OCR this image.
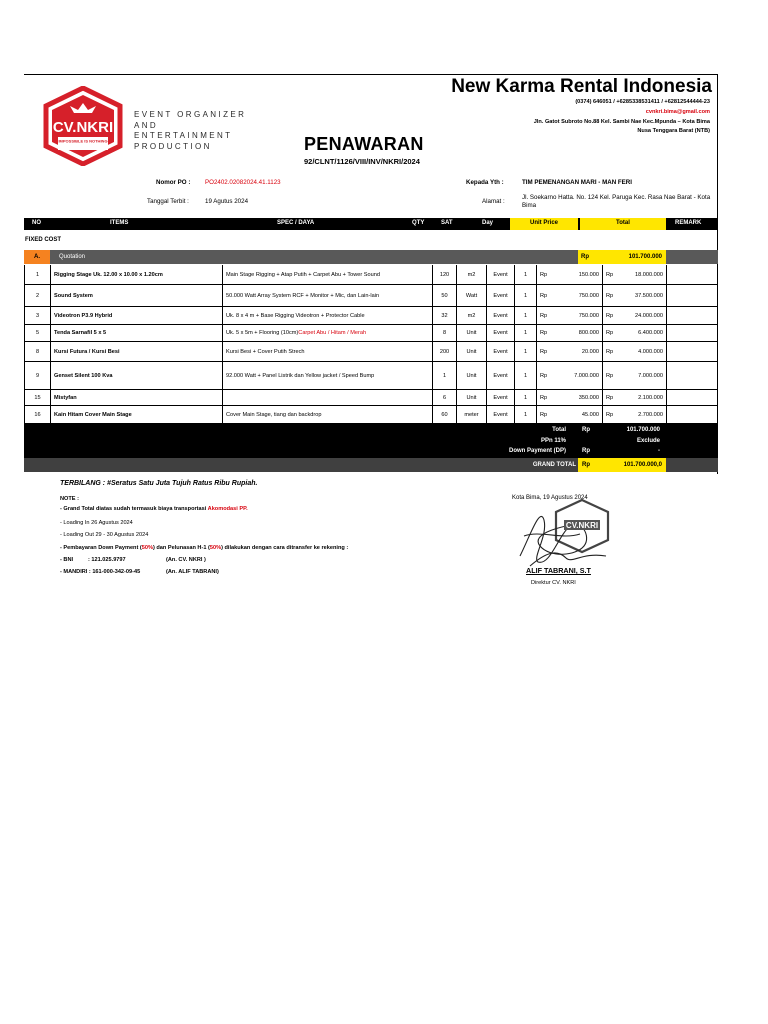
CV.NKRI
IMPOSSIBLE IS NOTHING
EVENT ORGANIZER
AND
ENTERTAINMENT
PRODUCTION
New Karma Rental Indonesia
(0374) 646051 / +6285338531411 / +62812544444-23
cvnkri.bima@gmail.com
Jln. Gatot Subroto No.88 Kel. Sambi Nae Kec.Mpunda – Kota Bima
Nusa Tenggara Barat (NTB)
PENAWARAN
92/CLNT/1126/VIII/INV/NKRI/2024
Nomor PO : PO2402.02082024.41.1123
Tanggal Terbit :	19 Agutus 2024
Kepada Yth :	TIM PEMENANGAN MARI - MAN FERI
Alamat :
Jl. Soekarno Hatta. No. 124 Kel. Paruga Kec. Rasa Nae Barat - Kota
Bima
NO	ITEMS	SPEC / DAYA	QTY	SAT	Day	Unit Price	Total	REMARK
FIXED COST
A.	Quotation	Rp	101.700.000
1	Rigging Stage Uk. 12.00 x 10.00 x 1.20cm	Main Stage Rigging + Atap Putih + Carpet Abu + Tower Sound	120	m2	Event	1	Rp	150.000 Rp	18.000.000
2	Sound System	50.000 Watt Array System RCF + Monitor + Mic, dan Lain-lain	50	Watt	Event	1	Rp	750.000 Rp	37.500.000
3	Videotron P3.9 Hybrid	Uk. 8 x 4 m + Base Rigging Videotron + Protector Cable	32	m2	Event	1	Rp	750.000 Rp	24.000.000
5	Tenda Sarnafil 5 x 5	Uk. 5 x 5m + Flooring (10cm) Carpet Abu / Hitam / Merah	8	Unit	Event	1	Rp	800.000 Rp	6.400.000
8	Kursi Futura / Kursi Besi	Kursi Besi + Cover Putih Strech	200	Unit	Event	1	Rp	20.000 Rp	4.000.000
9	Genset Silent 100 Kva	92.000 Watt + Panel Listrik dan Yellow jacket / Speed Bump	1	Unit	Event	1	Rp	7.000.000 Rp	7.000.000
15	Mistyfan	6	Unit	Event	1	Rp	350.000 Rp	2.100.000
16	Kain Hitam Cover Main Stage	Cover Main Stage, tiang dan backdrop	60	meter	Event	1	Rp	45.000 Rp	2.700.000
Total	Rp	101.700.000
PPn 11%	Exclude
Down Payment (DP)	Rp	-
GRAND TOTAL Rp	101.700.000,0
TERBILANG : #Seratus Satu Juta Tujuh Ratus Ribu Rupiah.
NOTE :
- Grand Total diatas sudah termasuk biaya transportasi Akomodasi PP.
- Loading In 26 Agustus 2024
- Loading Out 29 - 30 Agustus 2024
- Pembayaran Down Payment (50%) dan Pelunasan H-1 (50%) dilakukan dengan cara ditransfer ke rekening :
- BNI	: 121.025.9797	(An. CV. NKRI )
- MANDIRI : 161-000-342-09-45	(An. ALIF TABRANI)
CV.NKRI
Kota Bima, 19 Agustus 2024
ALIF TABRANI, S.T
Direktur CV. NKRI
